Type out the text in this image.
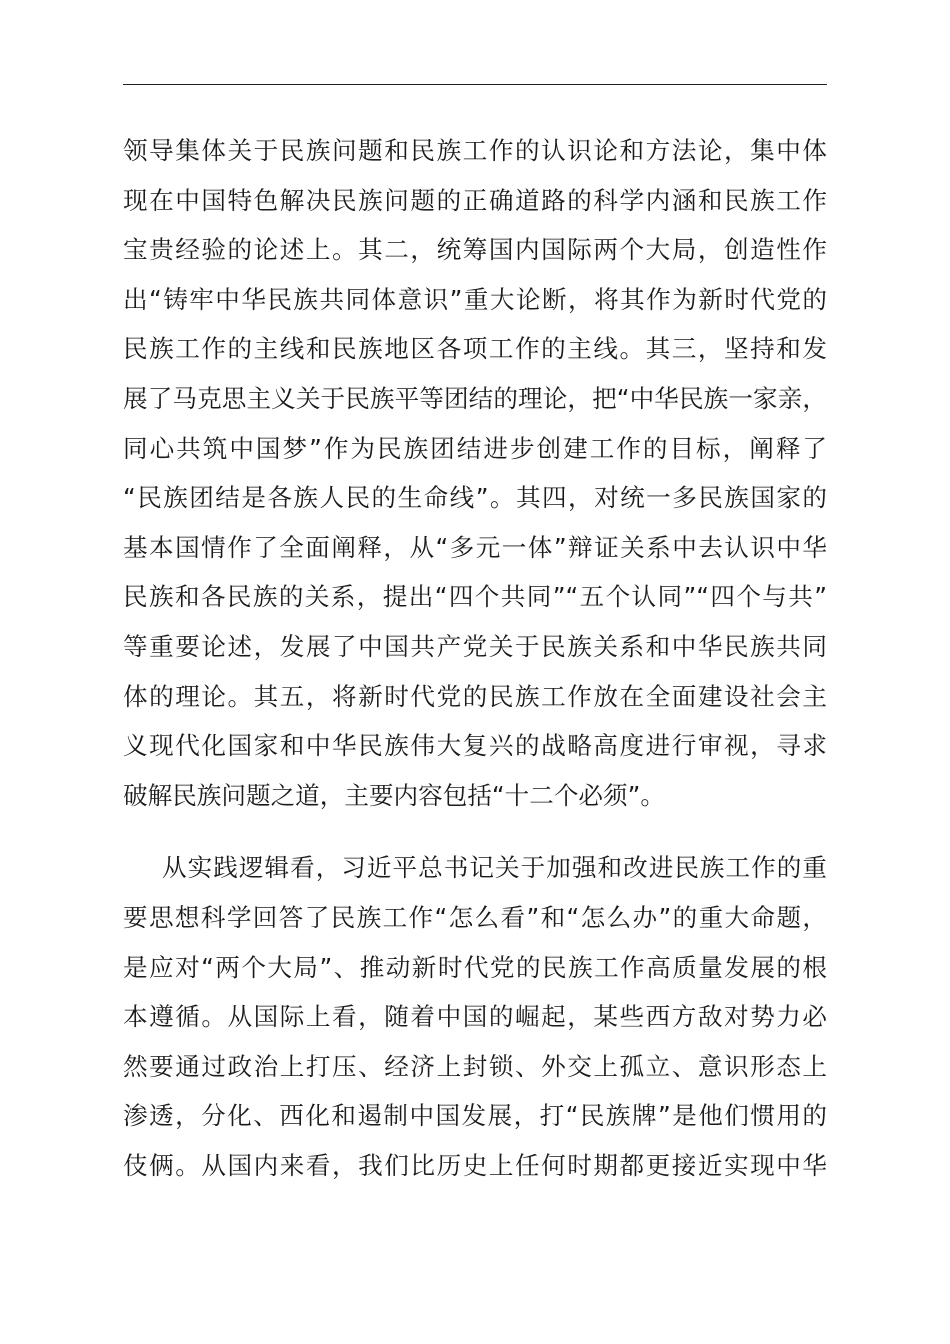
领导集体关于民族问题和民族工作的认识论和方法论，集中体
现在中国特色解决民族问题的正确道路的科学内涵和民族工作
宝贵经验的论述上。其二，统筹国内国际两个大局，创造性作
出“铸牢中华民族共同体意识”重大论断，将其作为新时代党的
民族工作的主线和民族地区各项工作的主线。其三，坚持和发
展了马克思主义关于民族平等团结的理论，把“中华民族一家亲，
同心共筑中国梦”作为民族团结进步创建工作的目标，阐释了
“民族团结是各族人民的生命线”。其四，对统一多民族国家的
基本国情作了全面阐释，从“多元一体”辩证关系中去认识中华
民族和各民族的关系，提出“四个共同”“五个认同”“四个与共”
等重要论述，发展了中国共产党关于民族关系和中华民族共同
体的理论。其五，将新时代党的民族工作放在全面建设社会主
义现代化国家和中华民族伟大复兴的战略高度进行审视，寻求
破解民族问题之道，主要内容包括“十二个必须”。
从实践逻辑看，习近平总书记关于加强和改进民族工作的重
要思想科学回答了民族工作“怎么看”和“怎么办”的重大命题，
是应对“两个大局”、推动新时代党的民族工作高质量发展的根
本遵循。从国际上看，随着中国的崛起，某些西方敌对势力必
然要通过政治上打压、经济上封锁、外交上孤立、意识形态上
渗透，分化、西化和遏制中国发展，打“民族牌”是他们惯用的
伎俩。从国内来看，我们比历史上任何时期都更接近实现中华
